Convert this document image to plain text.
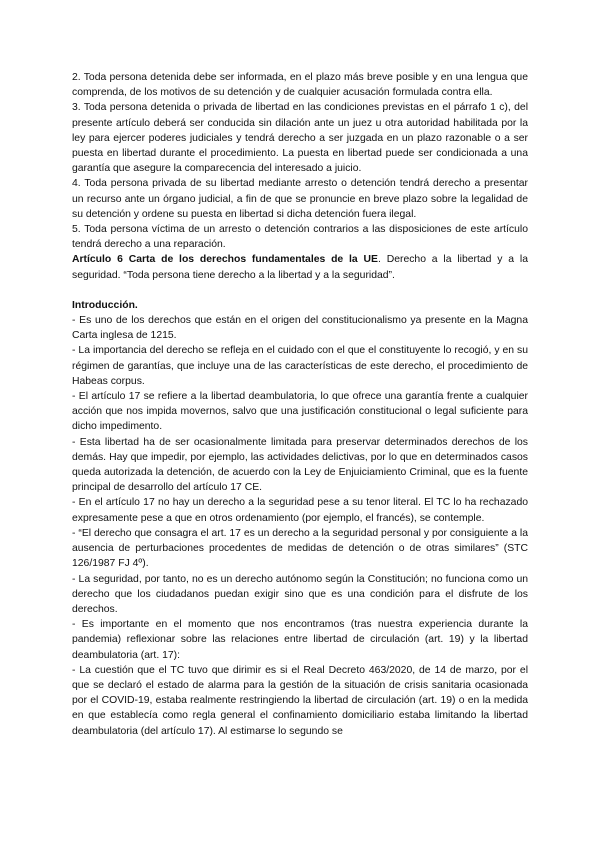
2. Toda persona detenida debe ser informada, en el plazo más breve posible y en una lengua que comprenda, de los motivos de su detención y de cualquier acusación formulada contra ella.

3. Toda persona detenida o privada de libertad en las condiciones previstas en el párrafo 1 c), del presente artículo deberá ser conducida sin dilación ante un juez u otra autoridad habilitada por la ley para ejercer poderes judiciales y tendrá derecho a ser juzgada en un plazo razonable o a ser puesta en libertad durante el procedimiento. La puesta en libertad puede ser condicionada a una garantía que asegure la comparecencia del interesado a juicio.

4. Toda persona privada de su libertad mediante arresto o detención tendrá derecho a presentar un recurso ante un órgano judicial, a fin de que se pronuncie en breve plazo sobre la legalidad de su detención y ordene su puesta en libertad si dicha detención fuera ilegal.

5. Toda persona víctima de un arresto o detención contrarios a las disposiciones de este artículo tendrá derecho a una reparación.

Artículo 6 Carta de los derechos fundamentales de la UE. Derecho a la libertad y a la seguridad. “Toda persona tiene derecho a la libertad y a la seguridad”.

Introducción.

- Es uno de los derechos que están en el origen del constitucionalismo ya presente en la Magna Carta inglesa de 1215.

- La importancia del derecho se refleja en el cuidado con el que el constituyente lo recogió, y en su régimen de garantías, que incluye una de las características de este derecho, el procedimiento de Habeas corpus.

- El artículo 17 se refiere a la libertad deambulatoria, lo que ofrece una garantía frente a cualquier acción que nos impida movernos, salvo que una justificación constitucional o legal suficiente para dicho impedimento.

- Esta libertad ha de ser ocasionalmente limitada para preservar determinados derechos de los demás. Hay que impedir, por ejemplo, las actividades delictivas, por lo que en determinados casos queda autorizada la detención, de acuerdo con la Ley de Enjuiciamiento Criminal, que es la fuente principal de desarrollo del artículo 17 CE.

- En el artículo 17 no hay un derecho a la seguridad pese a su tenor literal. El TC lo ha rechazado expresamente pese a que en otros ordenamiento (por ejemplo, el francés), se contemple.

- “El derecho que consagra el art. 17 es un derecho a la seguridad personal y por consiguiente a la ausencia de perturbaciones procedentes de medidas de detención o de otras similares” (STC 126/1987 FJ 4º).

- La seguridad, por tanto, no es un derecho autónomo según la Constitución; no funciona como un derecho que los ciudadanos puedan exigir sino que es una condición para el disfrute de los derechos.

- Es importante en el momento que nos encontramos (tras nuestra experiencia durante la pandemia) reflexionar sobre las relaciones entre libertad de circulación (art. 19) y la libertad deambulatoria (art. 17):

- La cuestión que el TC tuvo que dirimir es si el Real Decreto 463/2020, de 14 de marzo, por el que se declaró el estado de alarma para la gestión de la situación de crisis sanitaria ocasionada por el COVID-19, estaba realmente restringiendo la libertad de circulación (art. 19) o en la medida en que establecía como regla general el confinamiento domiciliario estaba limitando la libertad deambulatoria (del artículo 17). Al estimarse lo segundo se
